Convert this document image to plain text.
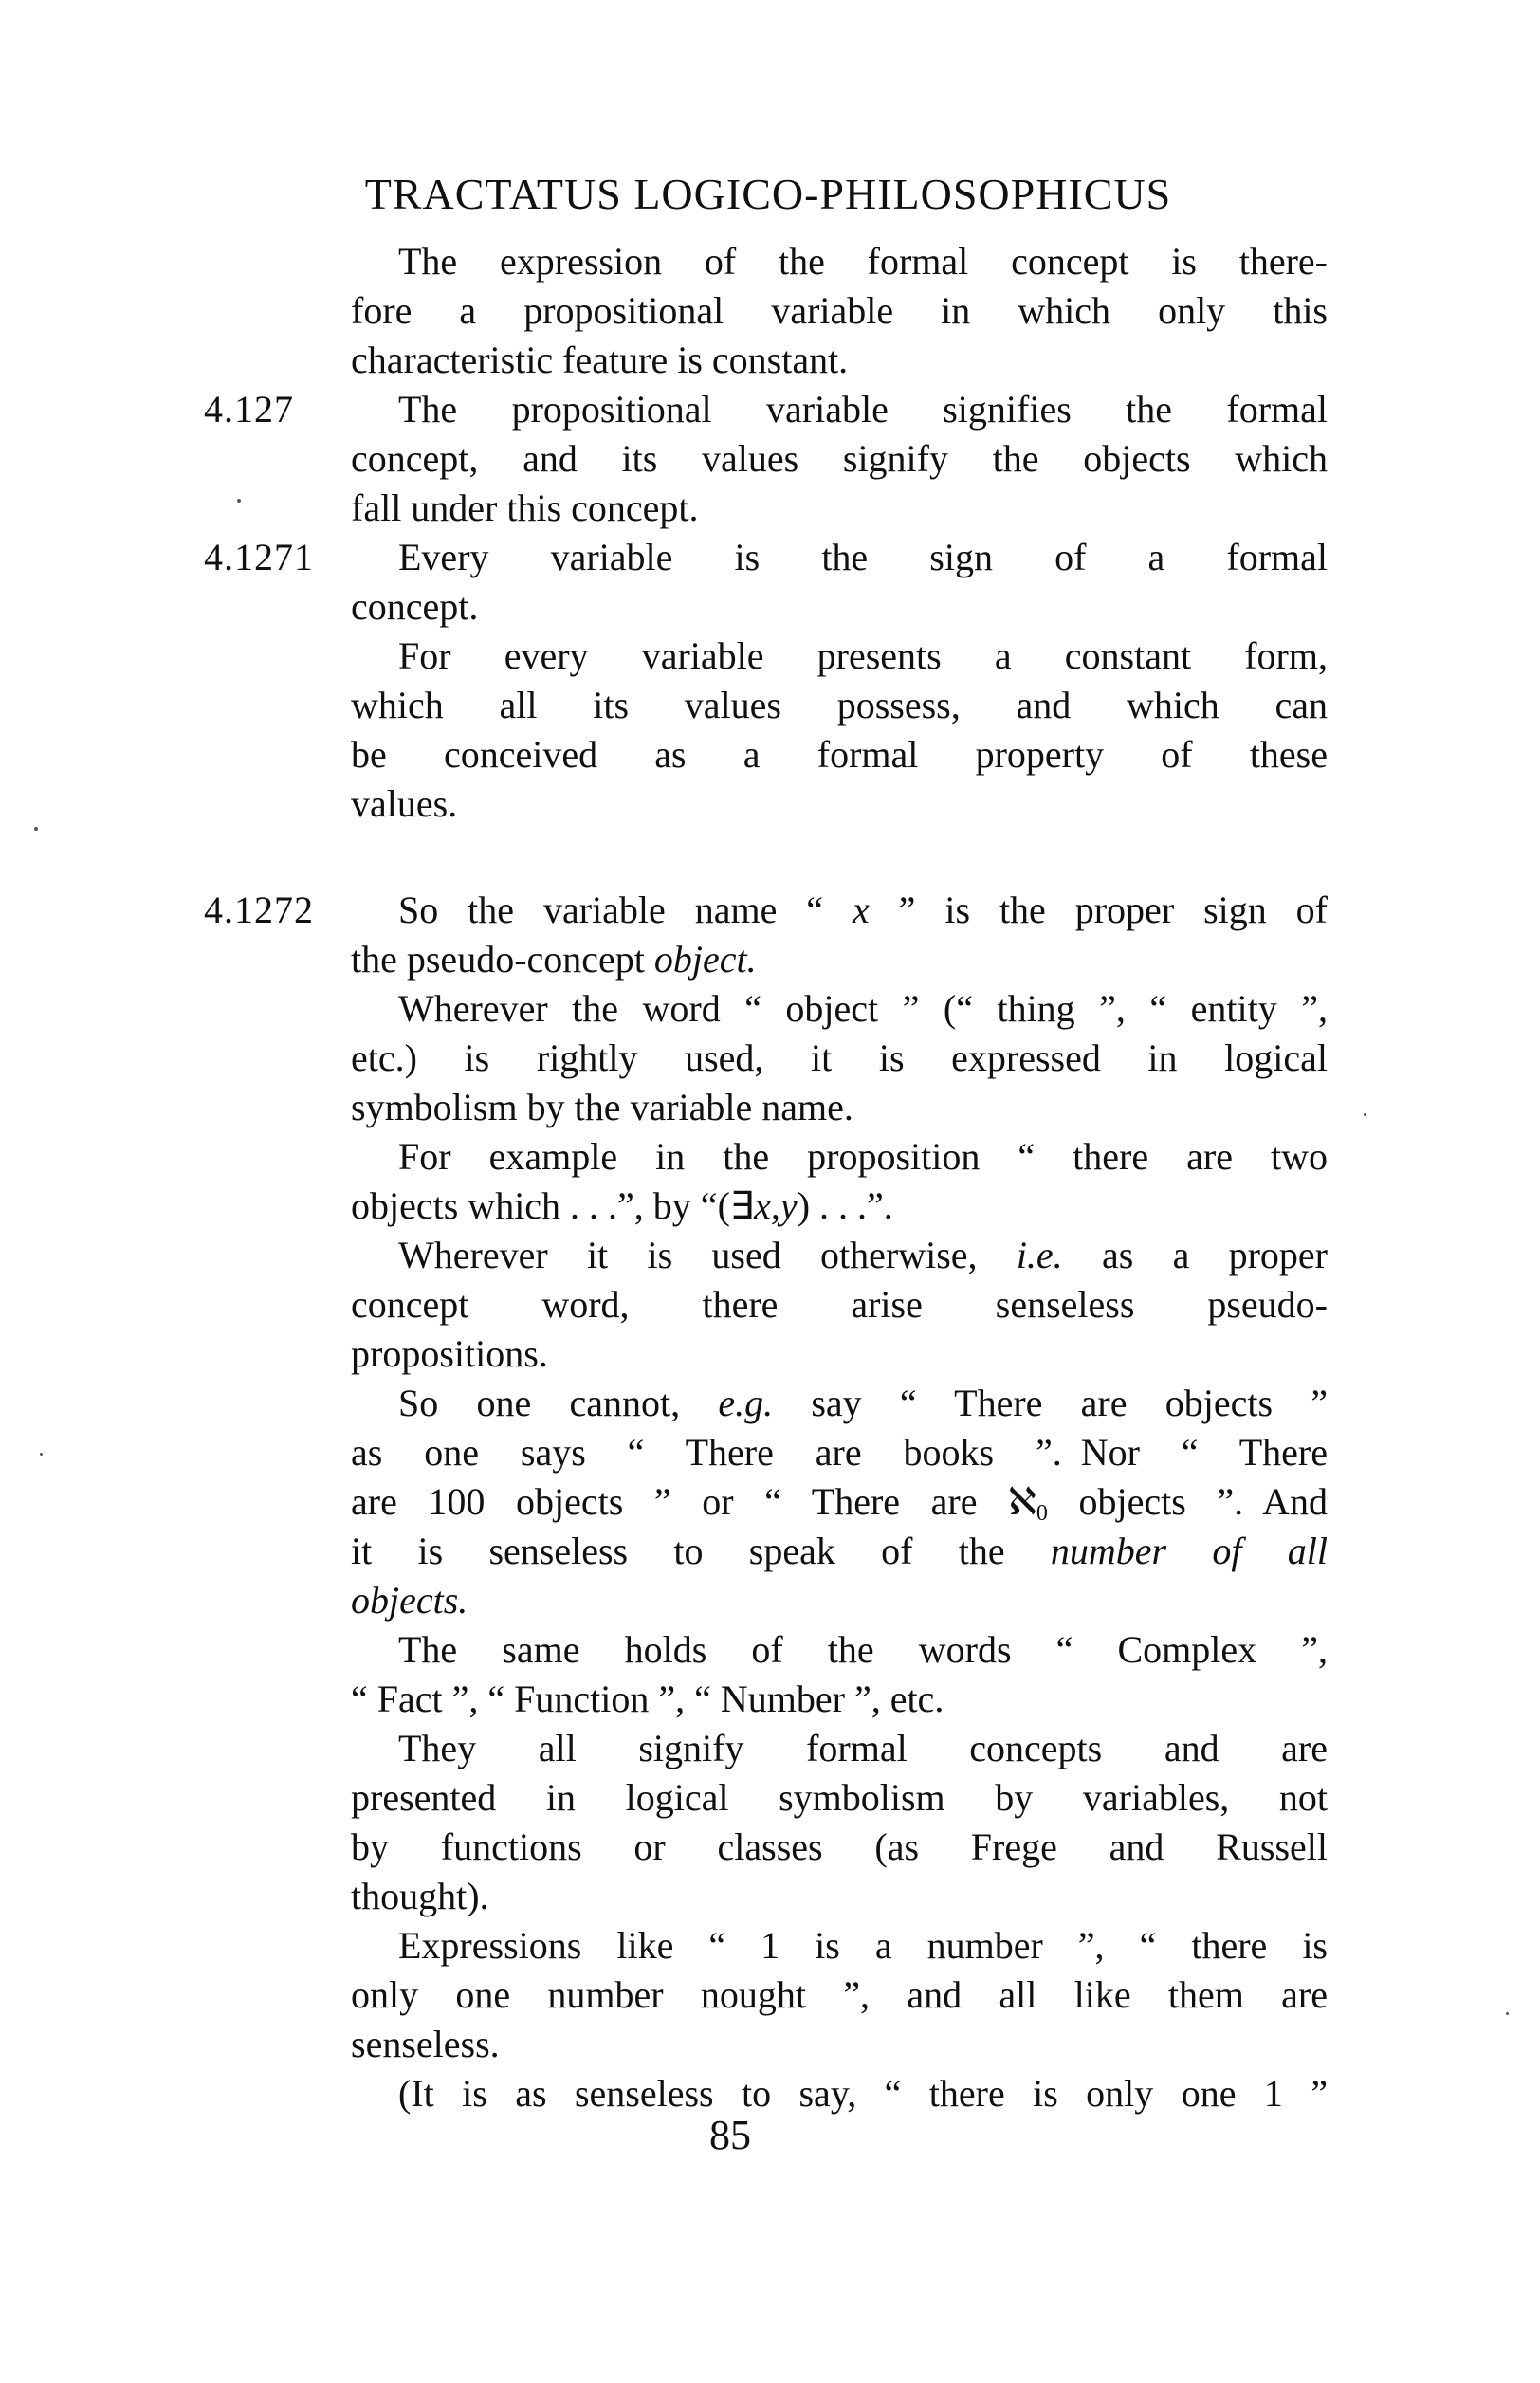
TRACTATUS LOGICO-PHILOSOPHICUS
The expression of the formal concept is there-
fore a propositional variable in which only this
characteristic feature is constant.
4.127	The propositional variable signifies the formal
concept, and its values signify the objects which
fall under this concept.
4.1271	Every variable is the sign of a formal
concept.
For every variable presents a constant form,
which all its values possess, and which can
be conceived as a formal property of these
values.
4.1272	So the variable name “ x ” is the proper sign of
the pseudo-concept object.
Wherever the word “ object ” (“ thing ”, “ entity ”,
etc.) is rightly used, it is expressed in logical
symbolism by the variable name.
For example in the proposition “ there are two
objects which . . .”, by “(∃x,y) . . .”.
Wherever it is used otherwise, i.e. as a proper
concept word, there arise senseless pseudo-
propositions.
So one cannot, e.g. say “ There are objects ”
as one says “ There are books ”. Nor “ There
are 100 objects ” or “ There are ℵ$_0$ objects ”. And
it is senseless to speak of the number of all
objects.
The same holds of the words “ Complex ”,
“ Fact ”, “ Function ”, “ Number ”, etc.
They all signify formal concepts and are
presented in logical symbolism by variables, not
by functions or classes (as Frege and Russell
thought).
Expressions like “ 1 is a number ”, “ there is
only one number nought ”, and all like them are
senseless.
(It is as senseless to say, “ there is only one 1 ”
85
